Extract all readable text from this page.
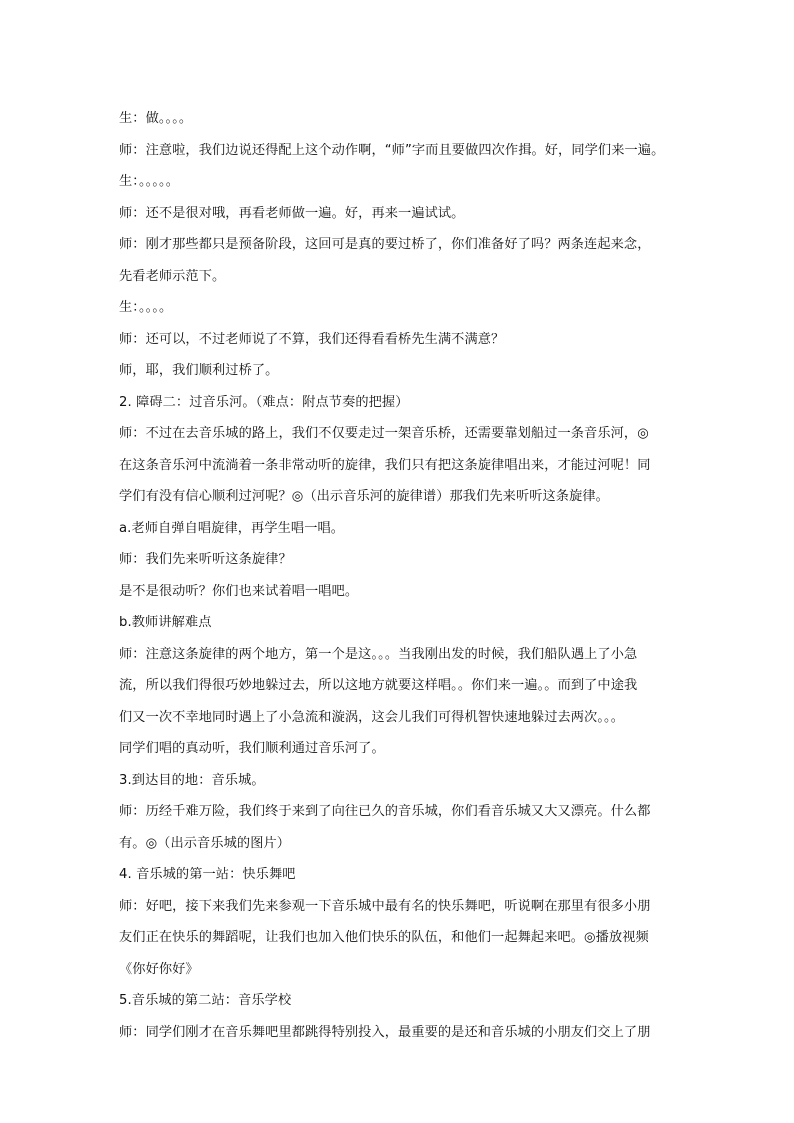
生：做。。。。
师：注意啦，我们边说还得配上这个动作啊，“师”字而且要做四次作揖。好，同学们来一遍。
生：。。。。。
师：还不是很对哦，再看老师做一遍。好，再来一遍试试。
师：刚才那些都只是预备阶段，这回可是真的要过桥了，你们准备好了吗？两条连起来念，
先看老师示范下。
生：。。。。
师：还可以，不过老师说了不算，我们还得看看桥先生满不满意？
师，耶，我们顺利过桥了。
2. 障碍二：过音乐河。（难点：附点节奏的把握）
师：不过在去音乐城的路上，我们不仅要走过一架音乐桥，还需要靠划船过一条音乐河，◎
在这条音乐河中流淌着一条非常动听的旋律，我们只有把这条旋律唱出来，才能过河呢！同
学们有没有信心顺利过河呢？◎（出示音乐河的旋律谱）那我们先来听听这条旋律。
a.老师自弹自唱旋律，再学生唱一唱。
师：我们先来听听这条旋律？
是不是很动听？你们也来试着唱一唱吧。
b.教师讲解难点
师：注意这条旋律的两个地方，第一个是这。。。当我刚出发的时候，我们船队遇上了小急
流，所以我们得很巧妙地躲过去，所以这地方就要这样唱。。你们来一遍。。而到了中途我
们又一次不幸地同时遇上了小急流和漩涡，这会儿我们可得机智快速地躲过去两次。。。
同学们唱的真动听，我们顺利通过音乐河了。
3.到达目的地：音乐城。
师：历经千难万险，我们终于来到了向往已久的音乐城，你们看音乐城又大又漂亮。什么都
有。◎（出示音乐城的图片）
4. 音乐城的第一站：快乐舞吧
师：好吧，接下来我们先来参观一下音乐城中最有名的快乐舞吧，听说啊在那里有很多小朋
友们正在快乐的舞蹈呢，让我们也加入他们快乐的队伍，和他们一起舞起来吧。◎播放视频
《你好你好》
5.音乐城的第二站：音乐学校
师：同学们刚才在音乐舞吧里都跳得特别投入，最重要的是还和音乐城的小朋友们交上了朋
